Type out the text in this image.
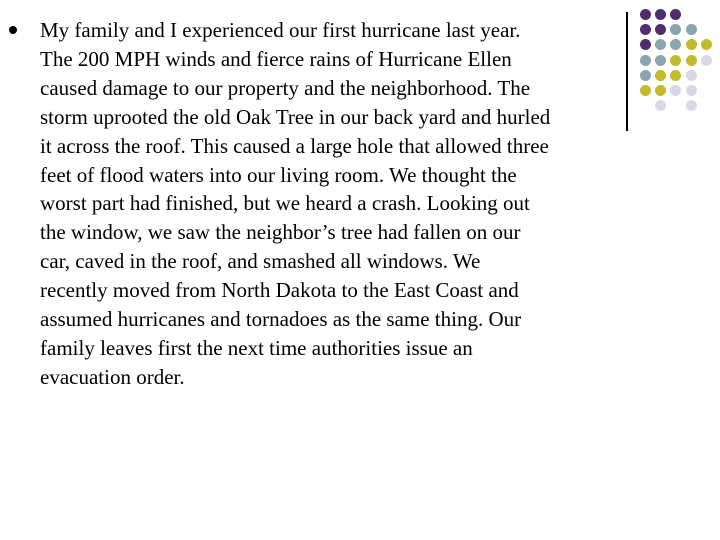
My family and I experienced our first hurricane last year.
The 200 MPH winds and fierce rains of Hurricane Ellen
caused damage to our property and the neighborhood. The
storm uprooted the old Oak Tree in our back yard and hurled
it across the roof. This caused a large hole that allowed three
feet of flood waters into our living room. We thought the
worst part had finished, but we heard a crash. Looking out
the window, we saw the neighbor’s tree had fallen on our
car, caved in the roof, and smashed all windows. We
recently moved from North Dakota to the East Coast and
assumed hurricanes and tornadoes as the same thing. Our
family leaves first the next time authorities issue an
evacuation order.
